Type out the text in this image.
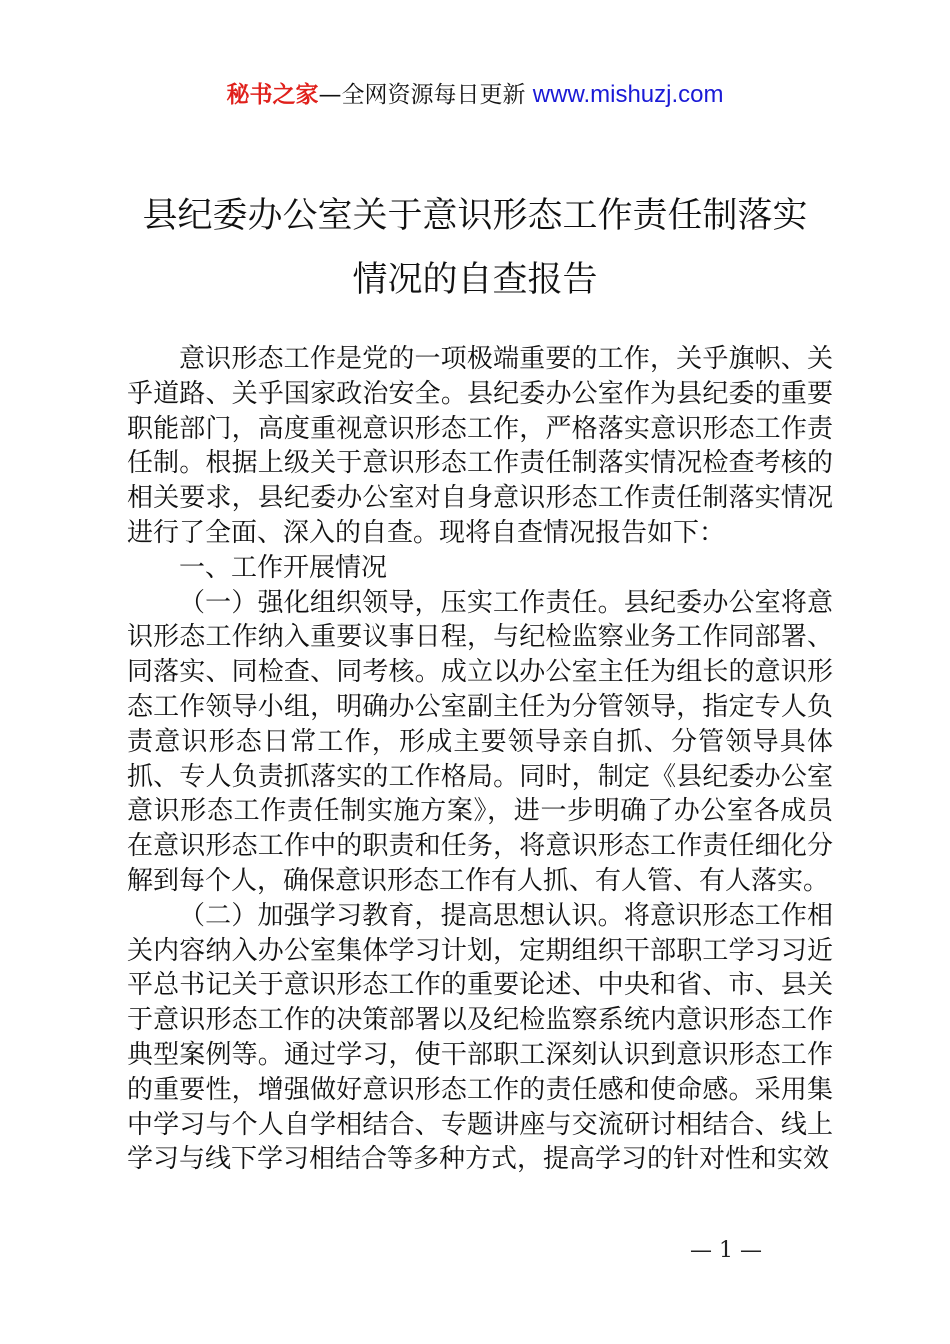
秘书之家—全网资源每日更新 www.mishuzj.com
县纪委办公室关于意识形态工作责任制落实
情况的自查报告

意识形态工作是党的一项极端重要的工作，关乎旗帜、关乎道路、关乎国家政治安全。县纪委办公室作为县纪委的重要职能部门，高度重视意识形态工作，严格落实意识形态工作责任制。根据上级关于意识形态工作责任制落实情况检查考核的相关要求，县纪委办公室对自身意识形态工作责任制落实情况进行了全面、深入的自查。现将自查情况报告如下：

一、工作开展情况

（一）强化组织领导，压实工作责任。县纪委办公室将意识形态工作纳入重要议事日程，与纪检监察业务工作同部署、同落实、同检查、同考核。成立以办公室主任为组长的意识形态工作领导小组，明确办公室副主任为分管领导，指定专人负责意识形态日常工作，形成主要领导亲自抓、分管领导具体抓、专人负责抓落实的工作格局。同时，制定《县纪委办公室意识形态工作责任制实施方案》，进一步明确了办公室各成员在意识形态工作中的职责和任务，将意识形态工作责任细化分解到每个人，确保意识形态工作有人抓、有人管、有人落实。

（二）加强学习教育，提高思想认识。将意识形态工作相关内容纳入办公室集体学习计划，定期组织干部职工学习习近平总书记关于意识形态工作的重要论述、中央和省、市、县关于意识形态工作的决策部署以及纪检监察系统内意识形态工作典型案例等。通过学习，使干部职工深刻认识到意识形态工作的重要性，增强做好意识形态工作的责任感和使命感。采用集中学习与个人自学相结合、专题讲座与交流研讨相结合、线上学习与线下学习相结合等多种方式，提高学习的针对性和实效

— 1 —
